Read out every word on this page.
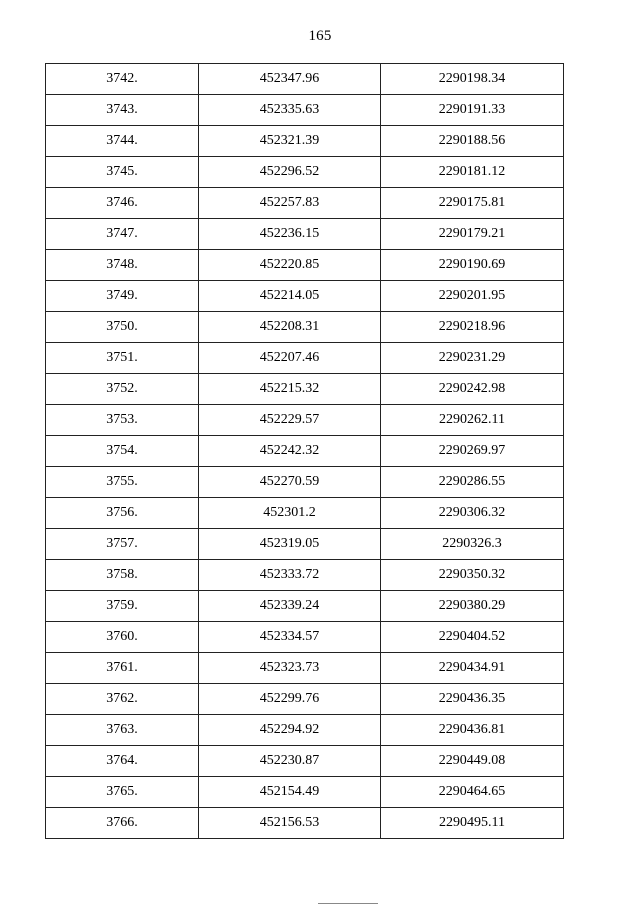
165
3742.	452347.96	2290198.34
3743.	452335.63	2290191.33
3744.	452321.39	2290188.56
3745.	452296.52	2290181.12
3746.	452257.83	2290175.81
3747.	452236.15	2290179.21
3748.	452220.85	2290190.69
3749.	452214.05	2290201.95
3750.	452208.31	2290218.96
3751.	452207.46	2290231.29
3752.	452215.32	2290242.98
3753.	452229.57	2290262.11
3754.	452242.32	2290269.97
3755.	452270.59	2290286.55
3756.	452301.2	2290306.32
3757.	452319.05	2290326.3
3758.	452333.72	2290350.32
3759.	452339.24	2290380.29
3760.	452334.57	2290404.52
3761.	452323.73	2290434.91
3762.	452299.76	2290436.35
3763.	452294.92	2290436.81
3764.	452230.87	2290449.08
3765.	452154.49	2290464.65
3766.	452156.53	2290495.11
